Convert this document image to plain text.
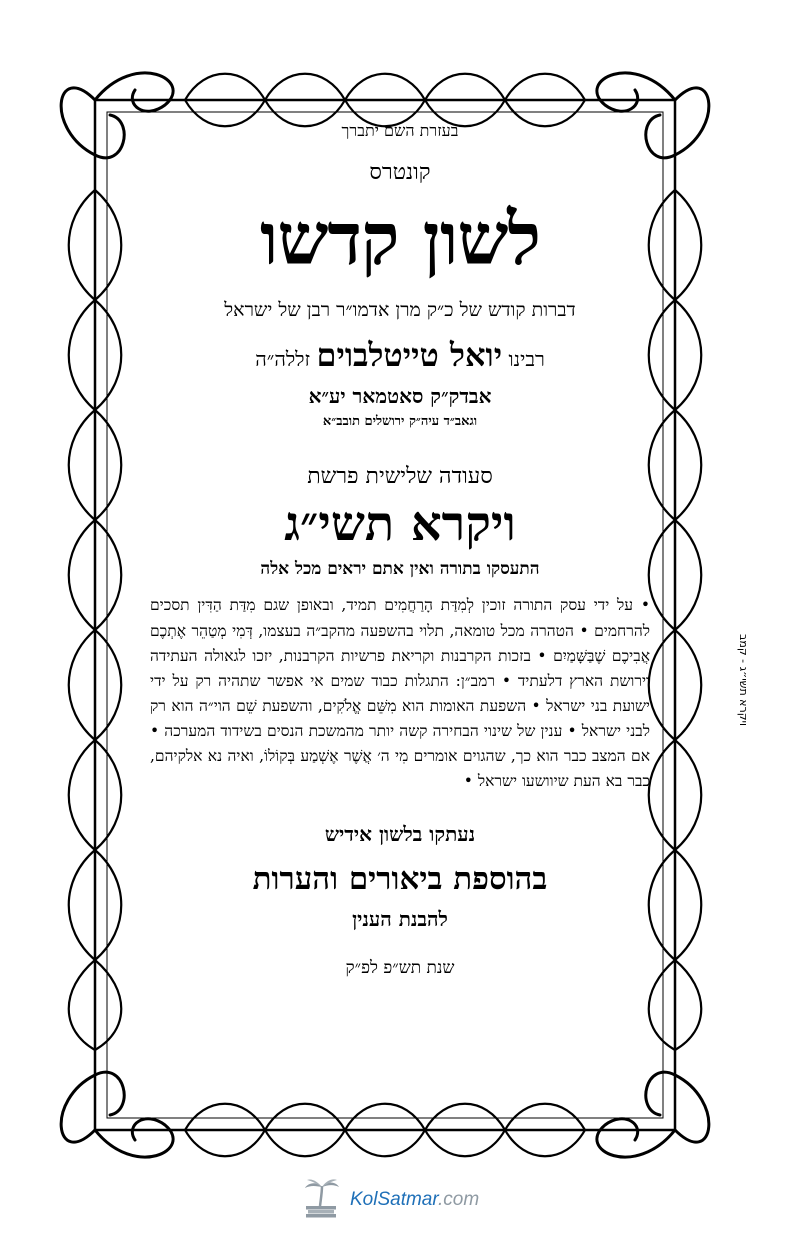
בעזרת השם יתברך
קונטרס
לשון קדשו
דברות קודש של כ״ק מרן אדמו״ר רבן של ישראל
רבינו יואל טייטלבוים זללה״ה
אבדק״ק סאטמאר יע״א
וגאב״ד עיה״ק ירושלים תובב״א
סעודה שלישית פרשת
ויקרא תשי״ג
התעסקו בתורה ואין אתם יראים מכל אלה
• על ידי עסק התורה זוכין לְמִדַּת הָרַחֲמִים תמיד, ובאופן שגם מִדַּת הַדִּין תסכים להרחמים • הטהרה מכל טומאה, תלוי בהשפעה מהקב״ה בעצמו, דְּמִי מְטַהֵר אֶתְכֶם אֲבִיכֶם שֶׁבַּשָּׁמַיִם • בזכות הקרבנות וקריאת פרשיות הקרבנות, יזכו לגאולה העתידה וירושת הארץ דלעתיד • רמב״ן: התגלות כבוד שמים אי אפשר שתהיה רק על ידי ישועת בני ישראל • השפעת האומות הוא מִשֵּׁם אֱלֹקִים, והשפעת שֵׁם הוי״ה הוא רק לבני ישראל • ענין של שינוי הבחירה קשה יותר מהמשכת הנסים בשידוד המערכה • אם המצב כבר הוא כך, שהגוים אומרים מִי ה׳ אֲשֶׁר אֶשְׁמַע בְּקוֹלוֹ, ואיה נא אלקיהם, כבר בא העת שיוושעו ישראל •
נעתקו בלשון אידיש
בהוספת ביאורים והערות
להבנת הענין
שנת תש״פ לפ״ק
ויקרא תשי״ג - קמב
KolSatmar.com
